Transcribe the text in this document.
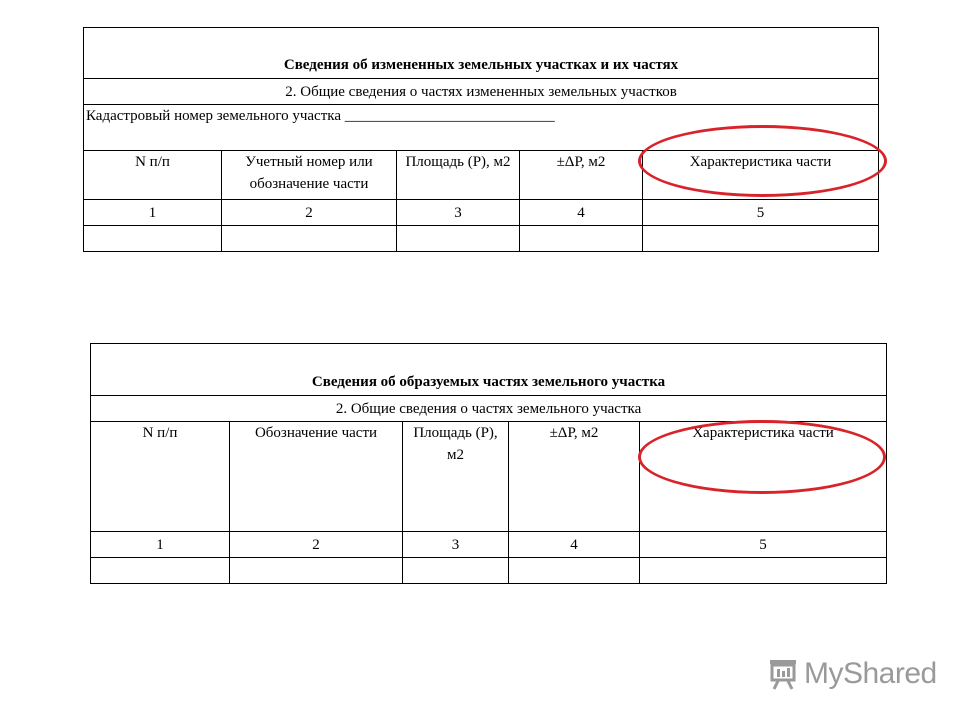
Сведения об измененных земельных участках и их частях				
2. Общие сведения о частях измененных земельных участков				
Кадастровый номер земельного участка ____________________________				
N п/п	Учетный номер или обозначение части	Площадь (Р), м2	±ΔР, м2	Характеристика части
1	2	3	4	5

Сведения об образуемых частях земельного участка				
2. Общие сведения о частях земельного участка				
N п/п	Обозначение части	Площадь (Р), м2	±ΔР, м2	Характеристика части
1	2	3	4	5

MyShared
